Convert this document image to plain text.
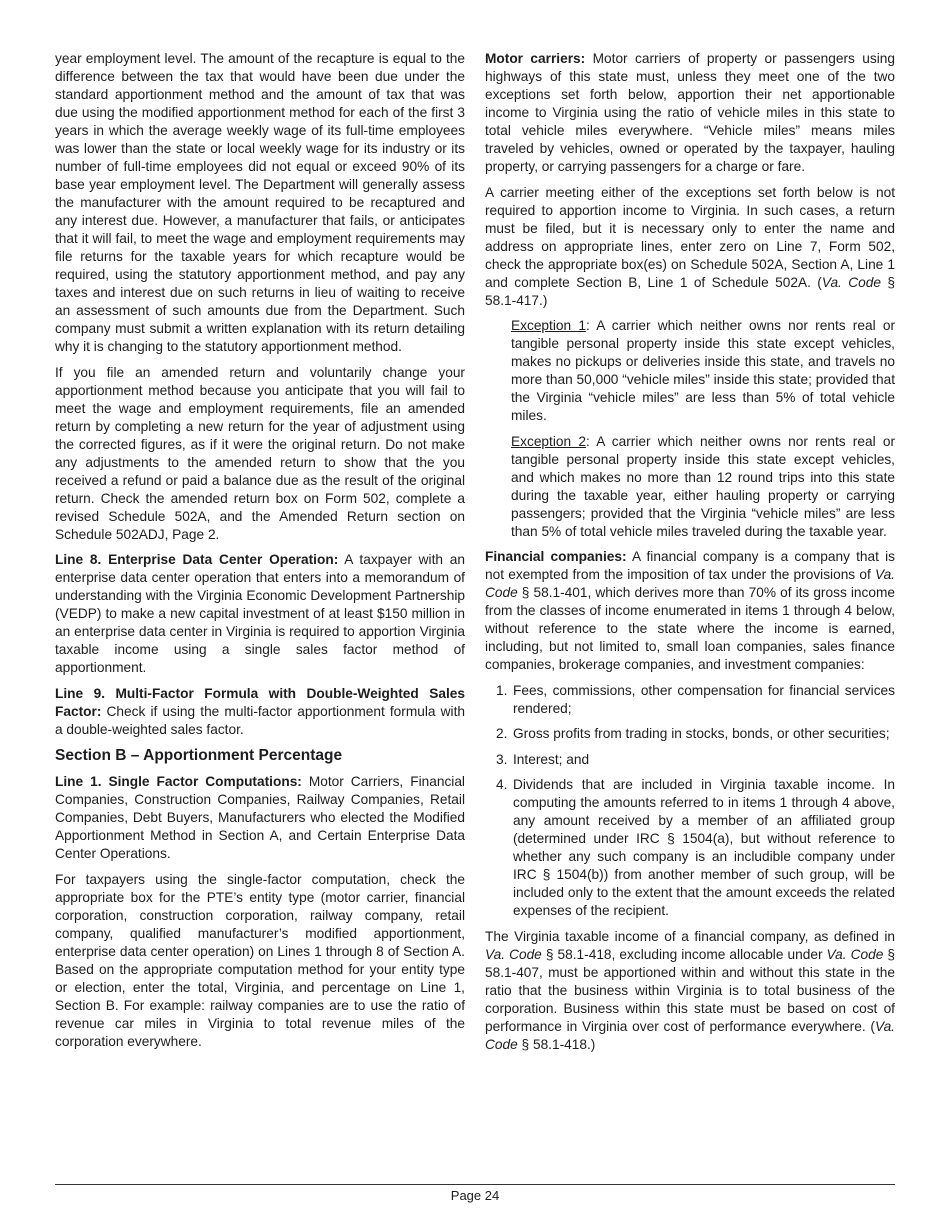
year employment level. The amount of the recapture is equal to the difference between the tax that would have been due under the standard apportionment method and the amount of tax that was due using the modified apportionment method for each of the first 3 years in which the average weekly wage of its full-time employees was lower than the state or local weekly wage for its industry or its number of full-time employees did not equal or exceed 90% of its base year employment level. The Department will generally assess the manufacturer with the amount required to be recaptured and any interest due. However, a manufacturer that fails, or anticipates that it will fail, to meet the wage and employment requirements may file returns for the taxable years for which recapture would be required, using the statutory apportionment method, and pay any taxes and interest due on such returns in lieu of waiting to receive an assessment of such amounts due from the Department. Such company must submit a written explanation with its return detailing why it is changing to the statutory apportionment method.

If you file an amended return and voluntarily change your apportionment method because you anticipate that you will fail to meet the wage and employment requirements, file an amended return by completing a new return for the year of adjustment using the corrected figures, as if it were the original return. Do not make any adjustments to the amended return to show that the you received a refund or paid a balance due as the result of the original return. Check the amended return box on Form 502, complete a revised Schedule 502A, and the Amended Return section on Schedule 502ADJ, Page 2.

Line 8. Enterprise Data Center Operation: A taxpayer with an enterprise data center operation that enters into a memorandum of understanding with the Virginia Economic Development Partnership (VEDP) to make a new capital investment of at least $150 million in an enterprise data center in Virginia is required to apportion Virginia taxable income using a single sales factor method of apportionment.

Line 9. Multi-Factor Formula with Double-Weighted Sales Factor: Check if using the multi-factor apportionment formula with a double-weighted sales factor.

Section B – Apportionment Percentage

Line 1. Single Factor Computations: Motor Carriers, Financial Companies, Construction Companies, Railway Companies, Retail Companies, Debt Buyers, Manufacturers who elected the Modified Apportionment Method in Section A, and Certain Enterprise Data Center Operations.

For taxpayers using the single-factor computation, check the appropriate box for the PTE’s entity type (motor carrier, financial corporation, construction corporation, railway company, retail company, qualified manufacturer’s modified apportionment, enterprise data center operation) on Lines 1 through 8 of Section A. Based on the appropriate computation method for your entity type or election, enter the total, Virginia, and percentage on Line 1, Section B. For example: railway companies are to use the ratio of revenue car miles in Virginia to total revenue miles of the corporation everywhere.

Motor carriers: Motor carriers of property or passengers using highways of this state must, unless they meet one of the two exceptions set forth below, apportion their net apportionable income to Virginia using the ratio of vehicle miles in this state to total vehicle miles everywhere. “Vehicle miles” means miles traveled by vehicles, owned or operated by the taxpayer, hauling property, or carrying passengers for a charge or fare.

A carrier meeting either of the exceptions set forth below is not required to apportion income to Virginia. In such cases, a return must be filed, but it is necessary only to enter the name and address on appropriate lines, enter zero on Line 7, Form 502, check the appropriate box(es) on Schedule 502A, Section A, Line 1 and complete Section B, Line 1 of Schedule 502A. (Va. Code § 58.1-417.)

Exception 1: A carrier which neither owns nor rents real or tangible personal property inside this state except vehicles, makes no pickups or deliveries inside this state, and travels no more than 50,000 “vehicle miles” inside this state; provided that the Virginia “vehicle miles” are less than 5% of total vehicle miles.

Exception 2: A carrier which neither owns nor rents real or tangible personal property inside this state except vehicles, and which makes no more than 12 round trips into this state during the taxable year, either hauling property or carrying passengers; provided that the Virginia “vehicle miles” are less than 5% of total vehicle miles traveled during the taxable year.

Financial companies: A financial company is a company that is not exempted from the imposition of tax under the provisions of Va. Code § 58.1-401, which derives more than 70% of its gross income from the classes of income enumerated in items 1 through 4 below, without reference to the state where the income is earned, including, but not limited to, small loan companies, sales finance companies, brokerage companies, and investment companies:

1. Fees, commissions, other compensation for financial services rendered;
2. Gross profits from trading in stocks, bonds, or other securities;
3. Interest; and
4. Dividends that are included in Virginia taxable income. In computing the amounts referred to in items 1 through 4 above, any amount received by a member of an affiliated group (determined under IRC § 1504(a), but without reference to whether any such company is an includible company under IRC § 1504(b)) from another member of such group, will be included only to the extent that the amount exceeds the related expenses of the recipient.

The Virginia taxable income of a financial company, as defined in Va. Code § 58.1-418, excluding income allocable under Va. Code § 58.1-407, must be apportioned within and without this state in the ratio that the business within Virginia is to total business of the corporation. Business within this state must be based on cost of performance in Virginia over cost of performance everywhere. (Va. Code § 58.1-418.)

Page 24
